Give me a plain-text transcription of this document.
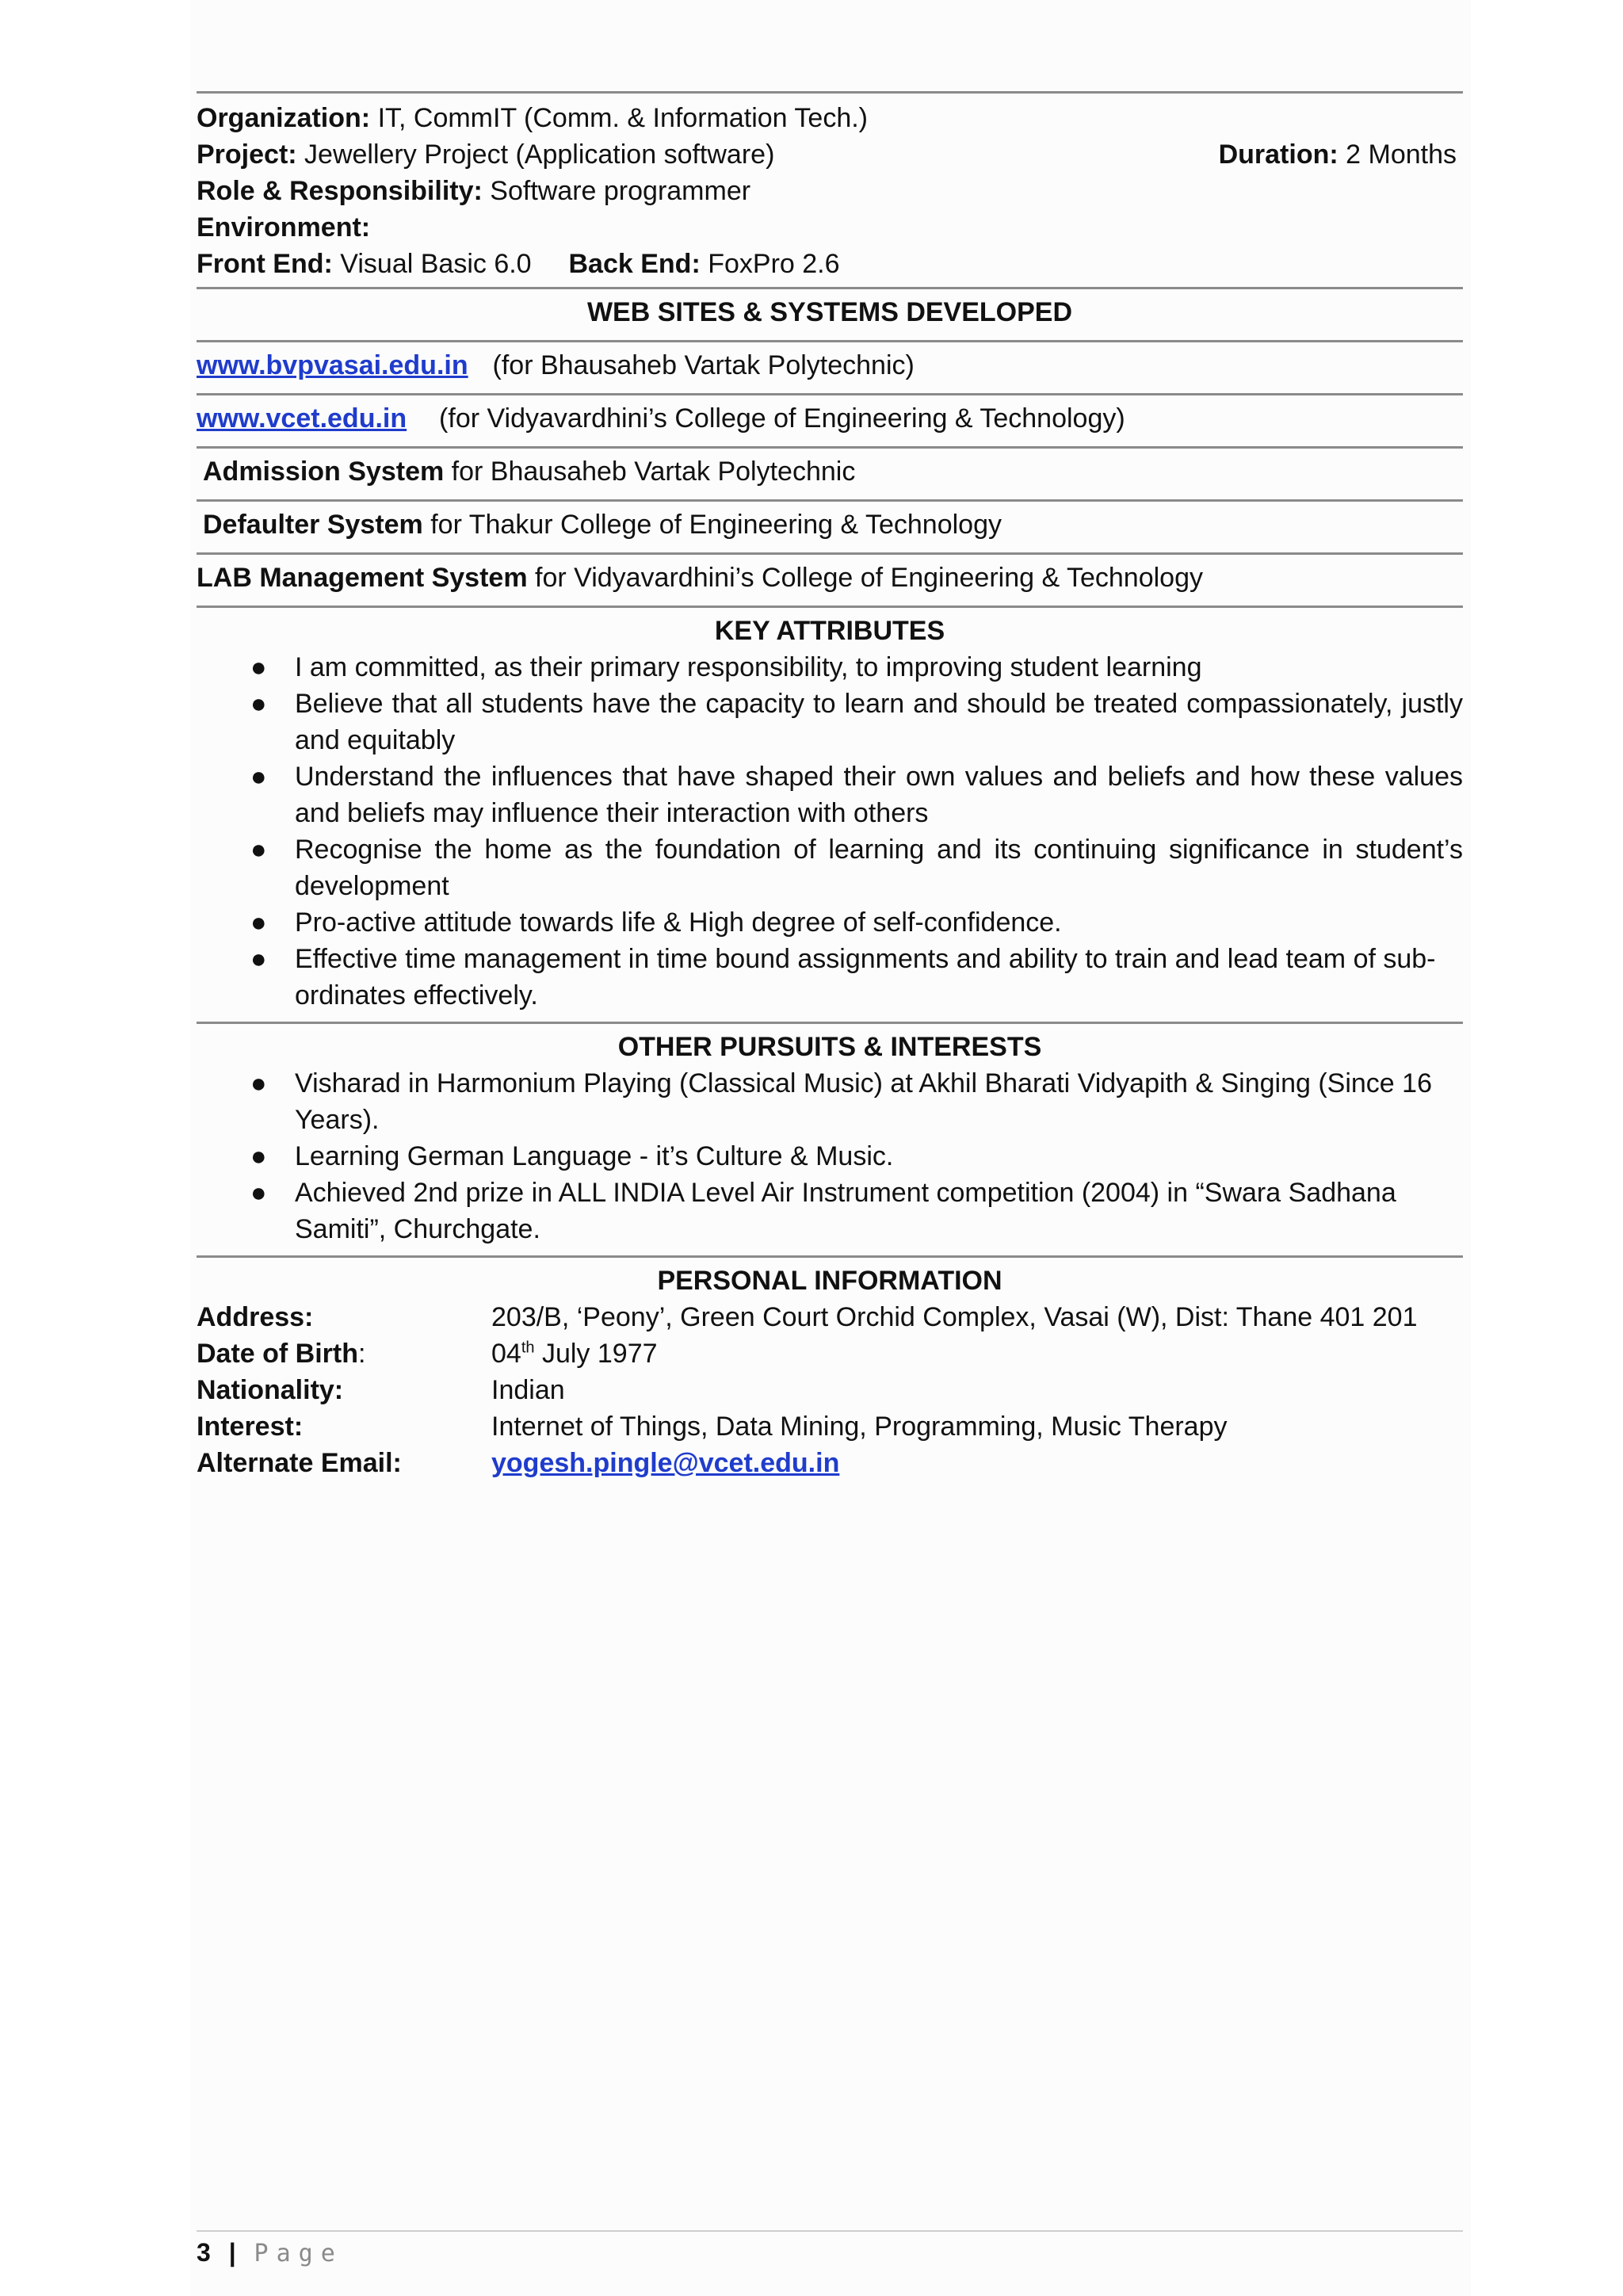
Organization: IT, CommIT (Comm. & Information Tech.)
Project: Jewellery Project (Application software)	Duration: 2 Months
Role & Responsibility: Software programmer
Environment:
Front End: Visual Basic 6.0 Back End: FoxPro 2.6
WEB SITES & SYSTEMS DEVELOPED
www.bvpvasai.edu.in (for Bhausaheb Vartak Polytechnic)
www.vcet.edu.in (for Vidyavardhini’s College of Engineering & Technology)
Admission System for Bhausaheb Vartak Polytechnic
Defaulter System for Thakur College of Engineering & Technology
LAB Management System for Vidyavardhini’s College of Engineering & Technology
KEY ATTRIBUTES
● I am committed, as their primary responsibility, to improving student learning
● Believe that all students have the capacity to learn and should be treated compassionately, justly and equitably
● Understand the influences that have shaped their own values and beliefs and how these values and beliefs may influence their interaction with others
● Recognise the home as the foundation of learning and its continuing significance in student’s development
● Pro-active attitude towards life & High degree of self-confidence.
● Effective time management in time bound assignments and ability to train and lead team of sub-ordinates effectively.
OTHER PURSUITS & INTERESTS
● Visharad in Harmonium Playing (Classical Music) at Akhil Bharati Vidyapith & Singing (Since 16 Years).
● Learning German Language - it’s Culture & Music.
● Achieved 2nd prize in ALL INDIA Level Air Instrument competition (2004) in “Swara Sadhana Samiti”, Churchgate.
PERSONAL INFORMATION
Address:	203/B, ‘Peony’, Green Court Orchid Complex, Vasai (W), Dist: Thane 401 201
Date of Birth:	04th July 1977
Nationality:	Indian
Interest:	Internet of Things, Data Mining, Programming, Music Therapy
Alternate Email:	yogesh.pingle@vcet.edu.in
3 | Page
